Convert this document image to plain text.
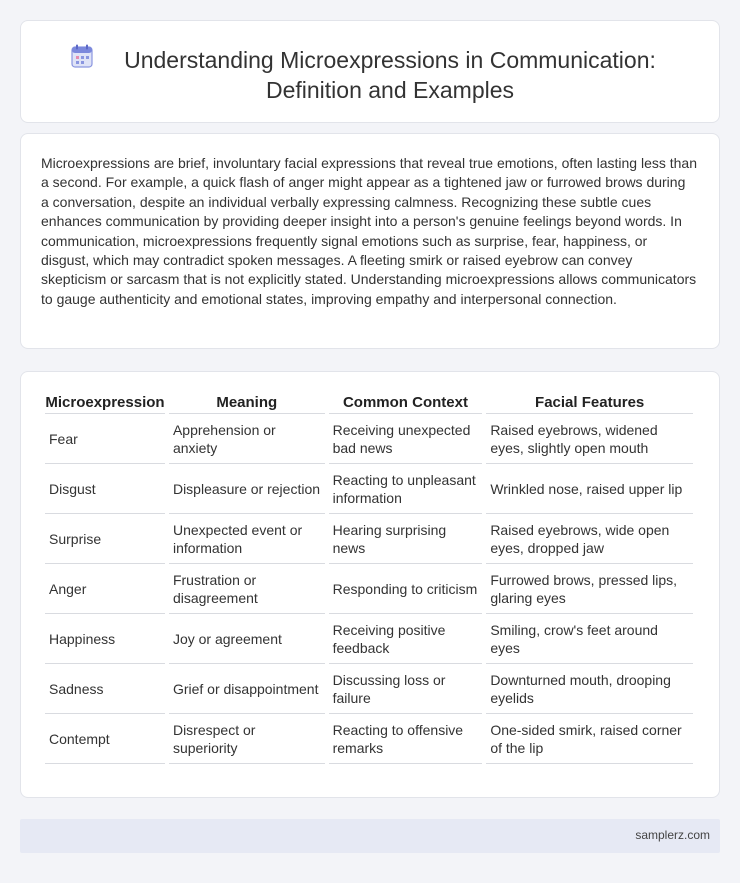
Understanding Microexpressions in Communication: Definition and Examples

Microexpressions are brief, involuntary facial expressions that reveal true emotions, often lasting less than a second. For example, a quick flash of anger might appear as a tightened jaw or furrowed brows during a conversation, despite an individual verbally expressing calmness. Recognizing these subtle cues enhances communication by providing deeper insight into a person's genuine feelings beyond words. In communication, microexpressions frequently signal emotions such as surprise, fear, happiness, or disgust, which may contradict spoken messages. A fleeting smirk or raised eyebrow can convey skepticism or sarcasm that is not explicitly stated. Understanding microexpressions allows communicators to gauge authenticity and emotional states, improving empathy and interpersonal connection.

Microexpression	Meaning	Common Context	Facial Features
Fear	Apprehension or anxiety	Receiving unexpected bad news	Raised eyebrows, widened eyes, slightly open mouth
Disgust	Displeasure or rejection	Reacting to unpleasant information	Wrinkled nose, raised upper lip
Surprise	Unexpected event or information	Hearing surprising news	Raised eyebrows, wide open eyes, dropped jaw
Anger	Frustration or disagreement	Responding to criticism	Furrowed brows, pressed lips, glaring eyes
Happiness	Joy or agreement	Receiving positive feedback	Smiling, crow's feet around eyes
Sadness	Grief or disappointment	Discussing loss or failure	Downturned mouth, drooping eyelids
Contempt	Disrespect or superiority	Reacting to offensive remarks	One-sided smirk, raised corner of the lip
samplerz.com
